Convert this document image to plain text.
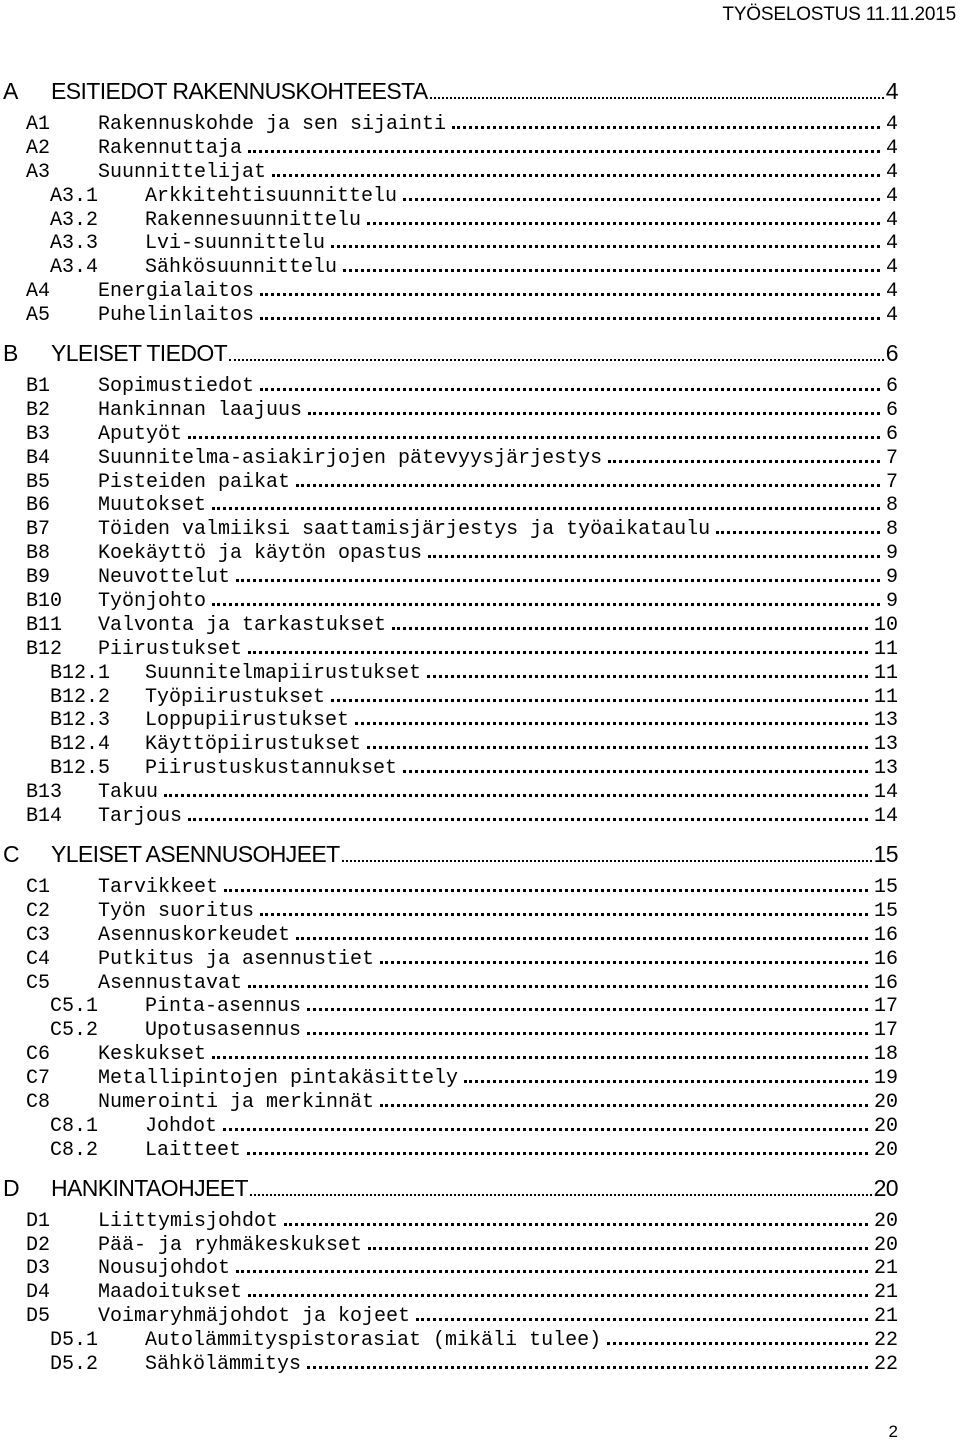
TYÖSELOSTUS 11.11.2015
A	ESITIEDOT RAKENNUSKOHTEESTA	4
A1	Rakennuskohde ja sen sijainti	4
A2	Rakennuttaja	4
A3	Suunnittelijat	4
A3.1	Arkkitehtisuunnittelu	4
A3.2	Rakennesuunnittelu	4
A3.3	Lvi-suunnittelu	4
A3.4	Sähkösuunnittelu	4
A4	Energialaitos	4
A5	Puhelinlaitos	4
B	YLEISET TIEDOT	6
B1	Sopimustiedot	6
B2	Hankinnan laajuus	6
B3	Aputyöt	6
B4	Suunnitelma-asiakirjojen pätevyysjärjestys	7
B5	Pisteiden paikat	7
B6	Muutokset	8
B7	Töiden valmiiksi saattamisjärjestys ja työaikataulu	8
B8	Koekäyttö ja käytön opastus	9
B9	Neuvottelut	9
B10	Työnjohto	9
B11	Valvonta ja tarkastukset	10
B12	Piirustukset	11
B12.1	Suunnitelmapiirustukset	11
B12.2	Työpiirustukset	11
B12.3	Loppupiirustukset	13
B12.4	Käyttöpiirustukset	13
B12.5	Piirustuskustannukset	13
B13	Takuu	14
B14	Tarjous	14
C	YLEISET ASENNUSOHJEET	15
C1	Tarvikkeet	15
C2	Työn suoritus	15
C3	Asennuskorkeudet	16
C4	Putkitus ja asennustiet	16
C5	Asennustavat	16
C5.1	Pinta-asennus	17
C5.2	Upotusasennus	17
C6	Keskukset	18
C7	Metallipintojen pintakäsittely	19
C8	Numerointi ja merkinnät	20
C8.1	Johdot	20
C8.2	Laitteet	20
D	HANKINTAOHJEET	20
D1	Liittymisjohdot	20
D2	Pää- ja ryhmäkeskukset	20
D3	Nousujohdot	21
D4	Maadoitukset	21
D5	Voimaryhmäjohdot ja kojeet	21
D5.1	Autolämmityspistorasiat (mikäli tulee)	22
D5.2	Sähkölämmitys	22
2
